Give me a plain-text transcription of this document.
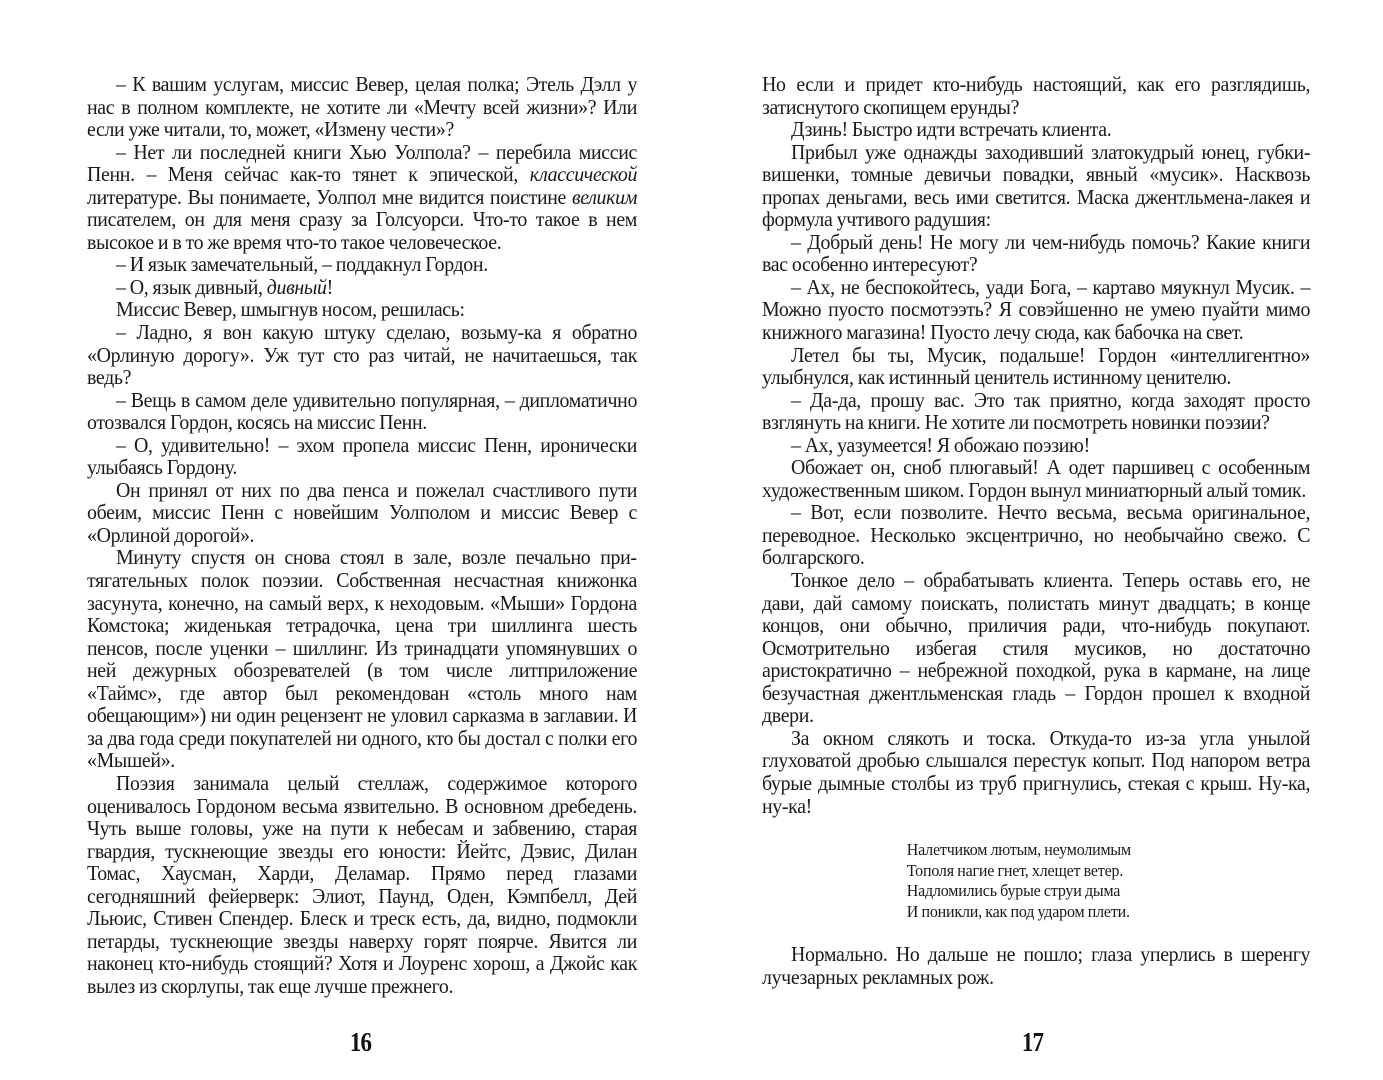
– К вашим услугам, миссис Вевер, целая полка; Этель Дэлл у нас в полном комплекте, не хотите ли «Мечту всей жизни»? Или если уже читали, то, может, «Измену чести»?

– Нет ли последней книги Хью Уолпола? – перебила миссис Пенн. – Меня сейчас как-то тянет к эпической, классической литературе. Вы понимаете, Уолпол мне видится поистине великим писателем, он для меня сразу за Голсуорси. Что-то такое в нем высокое и в то же время что-то такое человеческое.

– И язык замечательный, – поддакнул Гордон.

– О, язык дивный, дивный!

Миссис Вевер, шмыгнув носом, решилась:

– Ладно, я вон какую штуку сделаю, возьму-ка я обратно «Орлиную дорогу». Уж тут сто раз читай, не начитаешься, так ведь?

– Вещь в самом деле удивительно популярная, – дипломатично отозвался Гордон, косясь на миссис Пенн.

– О, удивительно! – эхом пропела миссис Пенн, иронически улыбаясь Гордону.

Он принял от них по два пенса и пожелал счастливого пути обеим, миссис Пенн с новейшим Уолполом и миссис Вевер с «Орлиной дорогой».

Минуту спустя он снова стоял в зале, возле печально притягательных полок поэзии. Собственная несчастная книжонка засунута, конечно, на самый верх, к неходовым. «Мыши» Гордона Комстока; жиденькая тетрадочка, цена три шиллинга шесть пенсов, после уценки – шиллинг. Из тринадцати упомянувших о ней дежурных обозревателей (в том числе литприложение «Таймс», где автор был рекомендован «столь много нам обещающим») ни один рецензент не уловил сарказма в заглавии. И за два года среди покупателей ни одного, кто бы достал с полки его «Мышей».

Поэзия занимала целый стеллаж, содержимое которого оценивалось Гордоном весьма язвительно. В основном дребедень. Чуть выше головы, уже на пути к небесам и забвению, старая гвардия, тускнеющие звезды его юности: Йейтс, Дэвис, Дилан Томас, Хаусман, Харди, Деламар. Прямо перед глазами сегодняшний фейерверк: Элиот, Паунд, Оден, Кэмпбелл, Дей Льюис, Стивен Спендер. Блеск и треск есть, да, видно, подмокли петарды, тускнеющие звезды наверху горят поярче. Явится ли наконец кто-нибудь стоящий? Хотя и Лоуренс хорош, а Джойс как вылез из скорлупы, так еще лучше прежнего.

16

Но если и придет кто-нибудь настоящий, как его разглядишь, затиснутого скопищем ерунды?

Дзинь! Быстро идти встречать клиента.

Прибыл уже однажды заходивший златокудрый юнец, губки-вишенки, томные девичьи повадки, явный «мусик». Насквозь пропах деньгами, весь ими светится. Маска джентльмена-лакея и формула учтивого радушия:

– Добрый день! Не могу ли чем-нибудь помочь? Какие книги вас особенно интересуют?

– Ах, не беспокойтесь, уади Бога, – картаво мяукнул Мусик. – Можно пуосто посмотээть? Я совэйшенно не умею пуайти мимо книжного магазина! Пуосто лечу сюда, как бабочка на свет.

Летел бы ты, Мусик, подальше! Гордон «интеллигентно» улыбнулся, как истинный ценитель истинному ценителю.

– Да-да, прошу вас. Это так приятно, когда заходят просто взглянуть на книги. Не хотите ли посмотреть новинки поэзии?

– Ах, уазумеется! Я обожаю поэзию!

Обожает он, сноб плюгавый! А одет паршивец с особенным художественным шиком. Гордон вынул миниатюрный алый томик.

– Вот, если позволите. Нечто весьма, весьма оригинальное, переводное. Несколько эксцентрично, но необычайно свежо. С болгарского.

Тонкое дело – обрабатывать клиента. Теперь оставь его, не дави, дай самому поискать, полистать минут двадцать; в конце концов, они обычно, приличия ради, что-нибудь покупают. Осмотрительно избегая стиля мусиков, но достаточно аристократично – небрежной походкой, рука в кармане, на лице безучастная джентльменская гладь – Гордон прошел к входной двери.

За окном слякоть и тоска. Откуда-то из-за угла унылой глуховатой дробью слышался перестук копыт. Под напором ветра бурые дымные столбы из труб пригнулись, стекая с крыш. Ну-ка, ну-ка!

Налетчиком лютым, неумолимым
Тополя нагие гнет, хлещет ветер.
Надломились бурые струи дыма
И поникли, как под ударом плети.

Нормально. Но дальше не пошло; глаза уперлись в шеренгу лучезарных рекламных рож.

17
